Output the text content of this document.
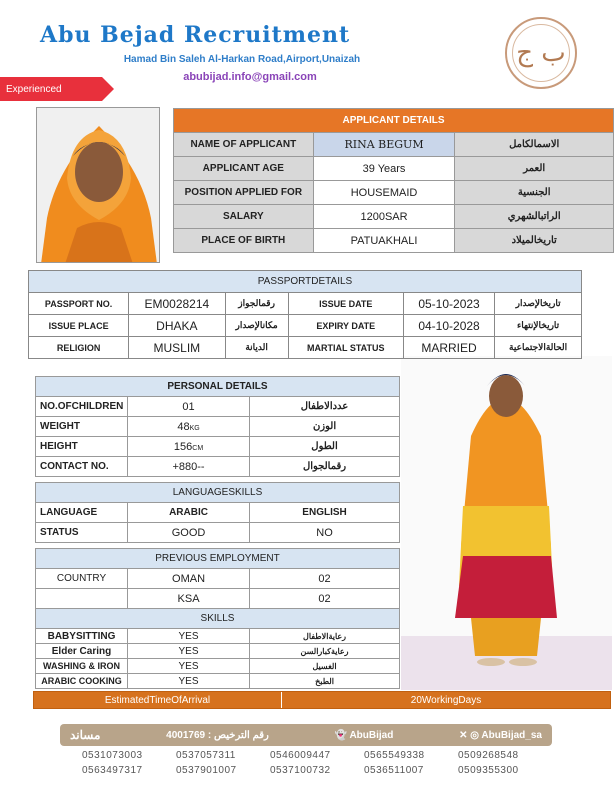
Abu Bejad Recruitment
Hamad Bin Saleh Al-Harkan Road,Airport,Unaizah
abubijad.info@gmail.com
ب ج
Experienced
APPLICANT DETAILS		
NAME OF APPLICANT	RINA BEGUM	الاسمالكامل
APPLICANT AGE	39 Years	العمر
POSITION APPLIED FOR	HOUSEMAID	الجنسية
SALARY	1200SAR	الراتبالشهري
PLACE OF BIRTH	PATUAKHALI	تاريخالميلاد
PASSPORTDETAILS					
PASSPORT NO.	EM0028214	رقمالجواز	ISSUE DATE	05-10-2023	تاريخالإصدار
ISSUE PLACE	DHAKA	مكانالإصدار	EXPIRY DATE	04-10-2028	تاريخالإنتهاء
RELIGION	MUSLIM	الديانة	MARTIAL STATUS	MARRIED	الحالةالاجتماعية
PERSONAL DETAILS		
NO.OFCHILDREN	01	عددالاطفال
WEIGHT	48KG	الوزن
HEIGHT	156CM	الطول
CONTACT NO.	+880--	رقمالجوال

LANGUAGESKILLS		
LANGUAGE	ARABIC	ENGLISH
STATUS	GOOD	NO

PREVIOUS EMPLOYMENT		
COUNTRY	OMAN	02
	KSA	02
SKILLS		
BABYSITTING	YES	رعايةالاطفال
Elder Caring	YES	رعايةكبارالسن
WASHING & IRON	YES	الغسيل
ARABIC COOKING	YES	الطبخ
EstimatedTimeOfArrival	20WorkingDays
مساند	رقم الترخيص : 4001769	👻 AbuBijad	✕ ◎ AbuBijad_sa
0531073003	0537057311	0546009447	0565549338	0509268548
0563497317	0537901007	0537100732	0536511007	0509355300
